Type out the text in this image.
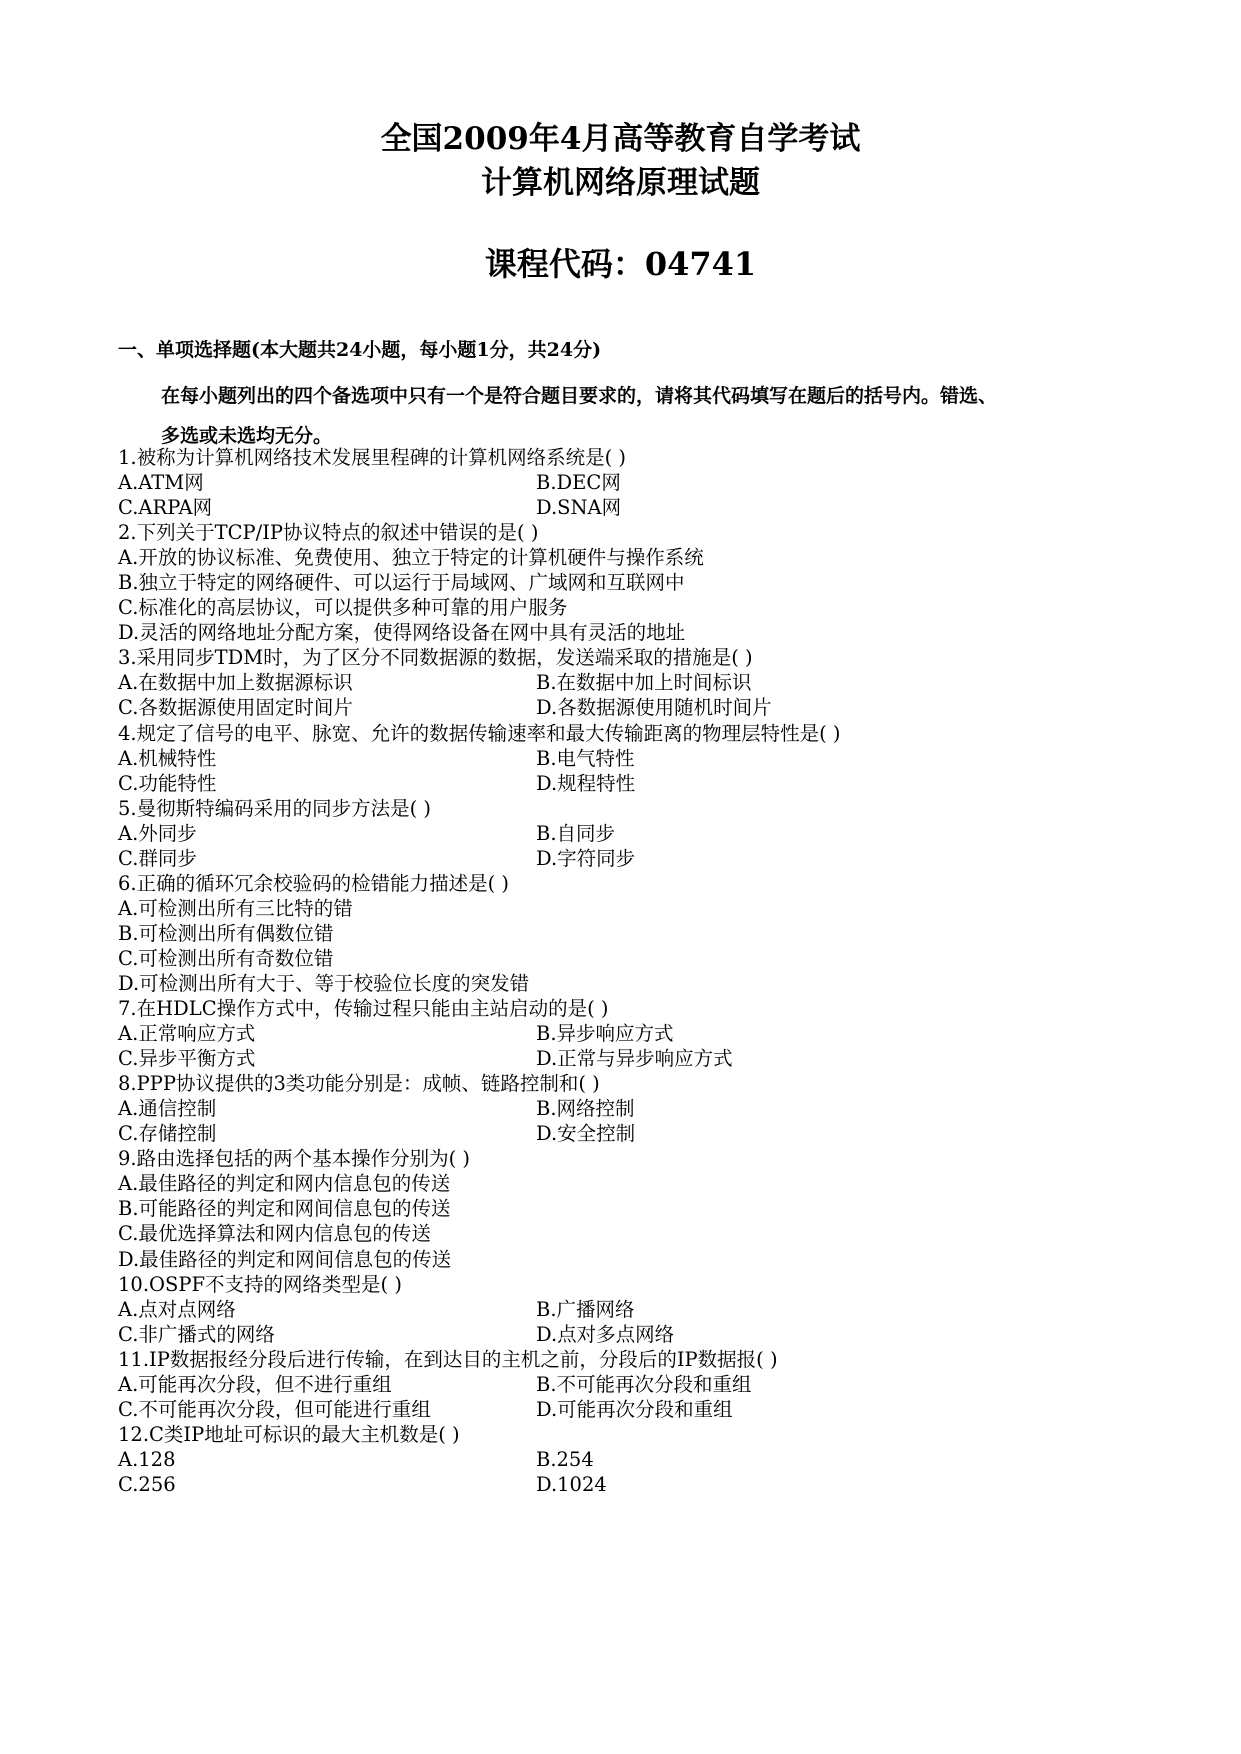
全国2009年4月高等教育自学考试
计算机网络原理试题
课程代码：04741
一、单项选择题(本大题共24小题，每小题1分，共24分)
在每小题列出的四个备选项中只有一个是符合题目要求的，请将其代码填写在题后的括号内。错选、
多选或未选均无分。
1.被称为计算机网络技术发展里程碑的计算机网络系统是( )
A.ATM网	B.DEC网
C.ARPA网	D.SNA网
2.下列关于TCP/IP协议特点的叙述中错误的是( )
A.开放的协议标准、免费使用、独立于特定的计算机硬件与操作系统
B.独立于特定的网络硬件、可以运行于局域网、广域网和互联网中
C.标准化的高层协议，可以提供多种可靠的用户服务
D.灵活的网络地址分配方案，使得网络设备在网中具有灵活的地址
3.采用同步TDM时，为了区分不同数据源的数据，发送端采取的措施是( )
A.在数据中加上数据源标识	B.在数据中加上时间标识
C.各数据源使用固定时间片	D.各数据源使用随机时间片
4.规定了信号的电平、脉宽、允许的数据传输速率和最大传输距离的物理层特性是( )
A.机械特性	B.电气特性
C.功能特性	D.规程特性
5.曼彻斯特编码采用的同步方法是( )
A.外同步	B.自同步
C.群同步	D.字符同步
6.正确的循环冗余校验码的检错能力描述是( )
A.可检测出所有三比特的错
B.可检测出所有偶数位错
C.可检测出所有奇数位错
D.可检测出所有大于、等于校验位长度的突发错
7.在HDLC操作方式中，传输过程只能由主站启动的是( )
A.正常响应方式	B.异步响应方式
C.异步平衡方式	D.正常与异步响应方式
8.PPP协议提供的3类功能分别是：成帧、链路控制和( )
A.通信控制	B.网络控制
C.存储控制	D.安全控制
9.路由选择包括的两个基本操作分别为( )
A.最佳路径的判定和网内信息包的传送
B.可能路径的判定和网间信息包的传送
C.最优选择算法和网内信息包的传送
D.最佳路径的判定和网间信息包的传送
10.OSPF不支持的网络类型是( )
A.点对点网络	B.广播网络
C.非广播式的网络	D.点对多点网络
11.IP数据报经分段后进行传输，在到达目的主机之前，分段后的IP数据报( )
A.可能再次分段，但不进行重组	B.不可能再次分段和重组
C.不可能再次分段，但可能进行重组	D.可能再次分段和重组
12.C类IP地址可标识的最大主机数是( )
A.128	B.254
C.256	D.1024
